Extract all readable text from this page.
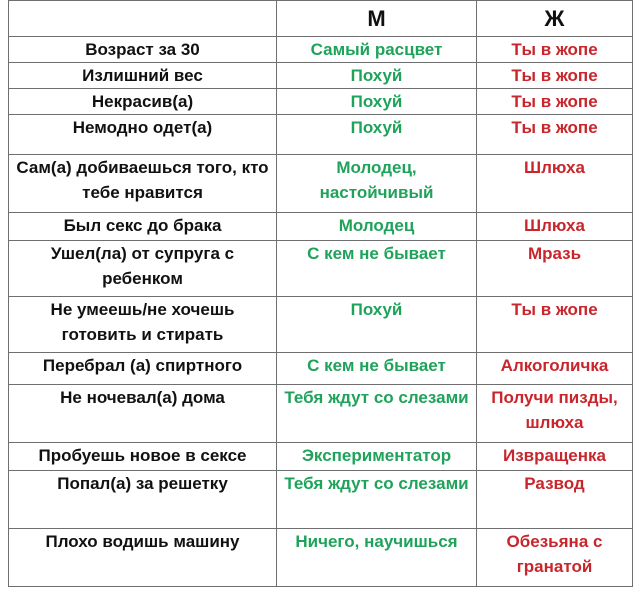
	М	Ж
Возраст за 30	Самый расцвет	Ты в жопе
Излишний вес	Похуй	Ты в жопе
Некрасив(а)	Похуй	Ты в жопе
Немодно одет(а)	Похуй	Ты в жопе
Сам(а) добиваешься того, кто тебе нравится	Молодец, настойчивый	Шлюха
Был секс до брака	Молодец	Шлюха
Ушел(ла) от супруга с ребенком	С кем не бывает	Мразь
Не умеешь/не хочешь готовить и стирать	Похуй	Ты в жопе
Перебрал (а) спиртного	С кем не бывает	Алкоголичка
Не ночевал(а) дома	Тебя ждут со слезами	Получи пизды, шлюха
Пробуешь новое в сексе	Экспериментатор	Извращенка
Попал(а) за решетку	Тебя ждут со слезами	Развод
Плохо водишь машину	Ничего, научишься	Обезьяна с гранатой
